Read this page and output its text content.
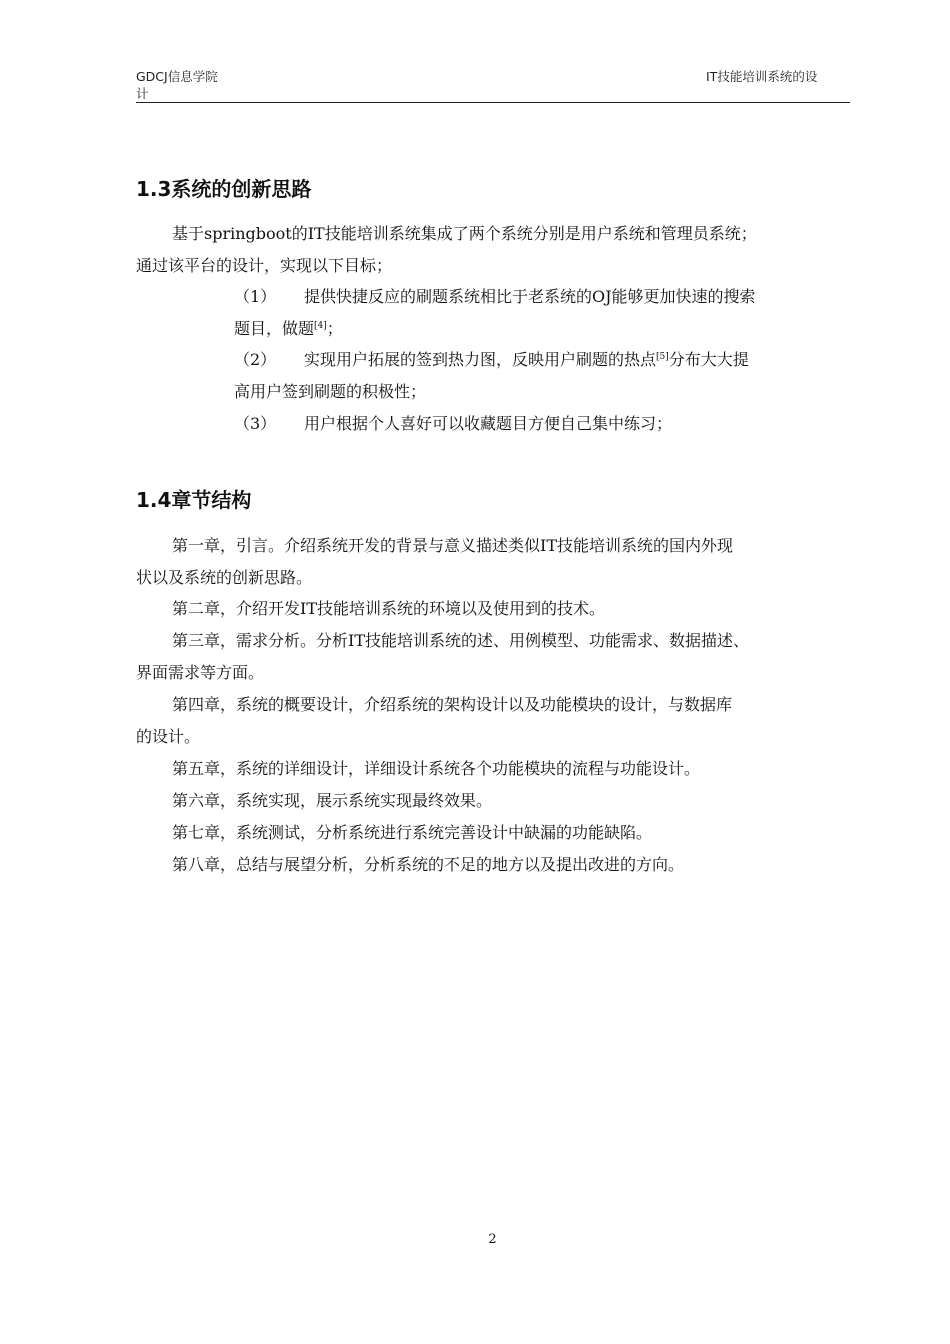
GDCJ信息学院
计
IT技能培训系统的设
1.3系统的创新思路

基于springboot的IT技能培训系统集成了两个系统分别是用户系统和管理员系统；

通过该平台的设计，实现以下目标；

（1） 提供快捷反应的刷题系统相比于老系统的OJ能够更加快速的搜索

题目，做题[4]；

（2） 实现用户拓展的签到热力图，反映用户刷题的热点[5]分布大大提

高用户签到刷题的积极性；

（3） 用户根据个人喜好可以收藏题目方便自己集中练习；

1.4章节结构

第一章，引言。介绍系统开发的背景与意义描述类似IT技能培训系统的国内外现

状以及系统的创新思路。

第二章，介绍开发IT技能培训系统的环境以及使用到的技术。

第三章，需求分析。分析IT技能培训系统的述、用例模型、功能需求、数据描述、

界面需求等方面。

第四章，系统的概要设计，介绍系统的架构设计以及功能模块的设计，与数据库

的设计。

第五章，系统的详细设计，详细设计系统各个功能模块的流程与功能设计。

第六章，系统实现，展示系统实现最终效果。

第七章，系统测试，分析系统进行系统完善设计中缺漏的功能缺陷。

第八章，总结与展望分析，分析系统的不足的地方以及提出改进的方向。

2
